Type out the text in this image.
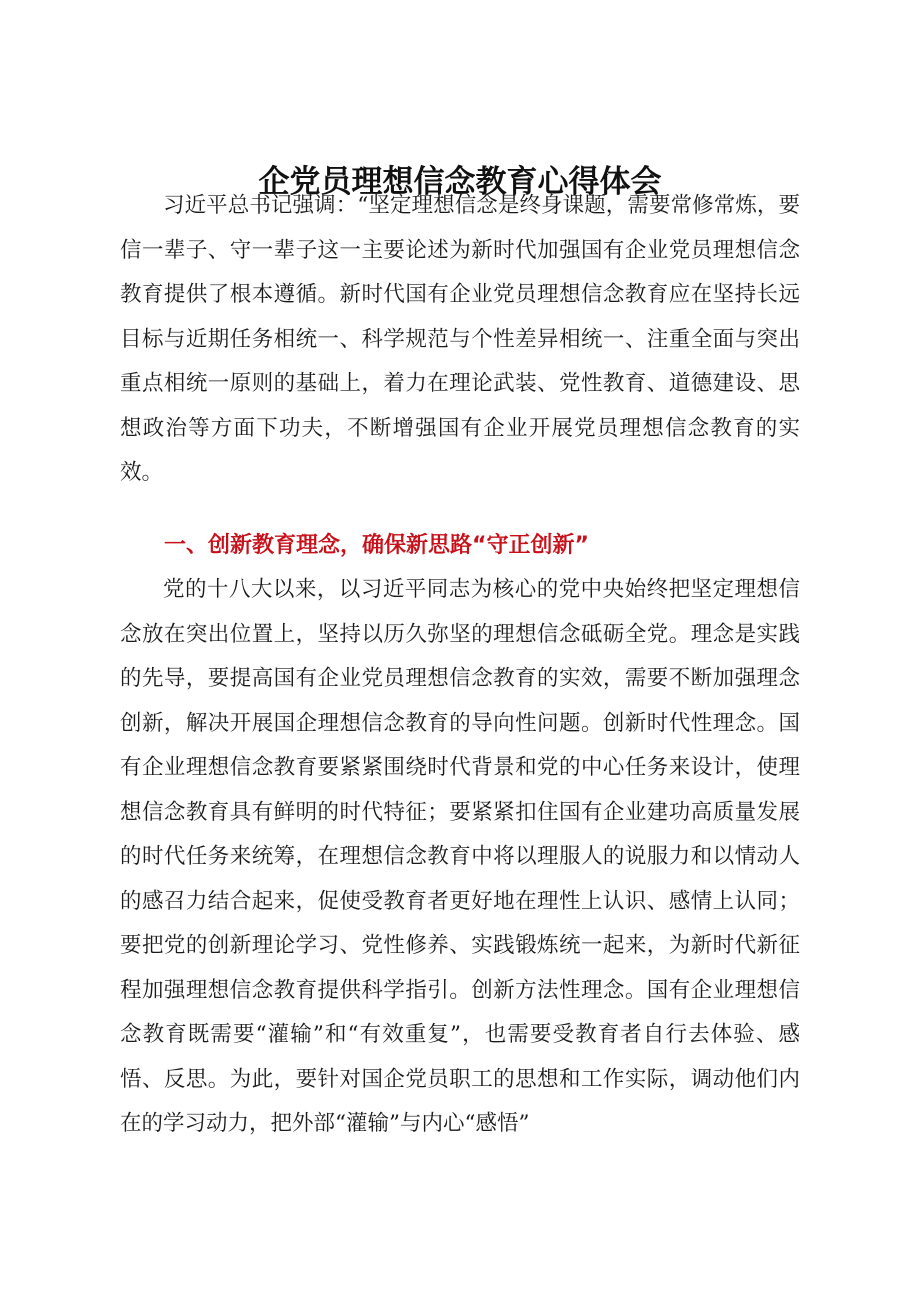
企党员理想信念教育心得体会

习近平总书记强调：“坚定理想信念是终身课题，需要常修常炼，要信一辈子、守一辈子这一主要论述为新时代加强国有企业党员理想信念教育提供了根本遵循。新时代国有企业党员理想信念教育应在坚持长远目标与近期任务相统一、科学规范与个性差异相统一、注重全面与突出重点相统一原则的基础上，着力在理论武装、党性教育、道德建设、思想政治等方面下功夫，不断增强国有企业开展党员理想信念教育的实效。

一、创新教育理念，确保新思路“守正创新”

党的十八大以来，以习近平同志为核心的党中央始终把坚定理想信念放在突出位置上，坚持以历久弥坚的理想信念砥砺全党。理念是实践的先导，要提高国有企业党员理想信念教育的实效，需要不断加强理念创新，解决开展国企理想信念教育的导向性问题。创新时代性理念。国有企业理想信念教育要紧紧围绕时代背景和党的中心任务来设计，使理想信念教育具有鲜明的时代特征；要紧紧扣住国有企业建功高质量发展的时代任务来统筹，在理想信念教育中将以理服人的说服力和以情动人的感召力结合起来，促使受教育者更好地在理性上认识、感情上认同；要把党的创新理论学习、党性修养、实践锻炼统一起来，为新时代新征程加强理想信念教育提供科学指引。创新方法性理念。国有企业理想信念教育既需要“灌输”和“有效重复”，也需要受教育者自行去体验、感悟、反思。为此，要针对国企党员职工的思想和工作实际，调动他们内在的学习动力，把外部“灌输”与内心“感悟”
